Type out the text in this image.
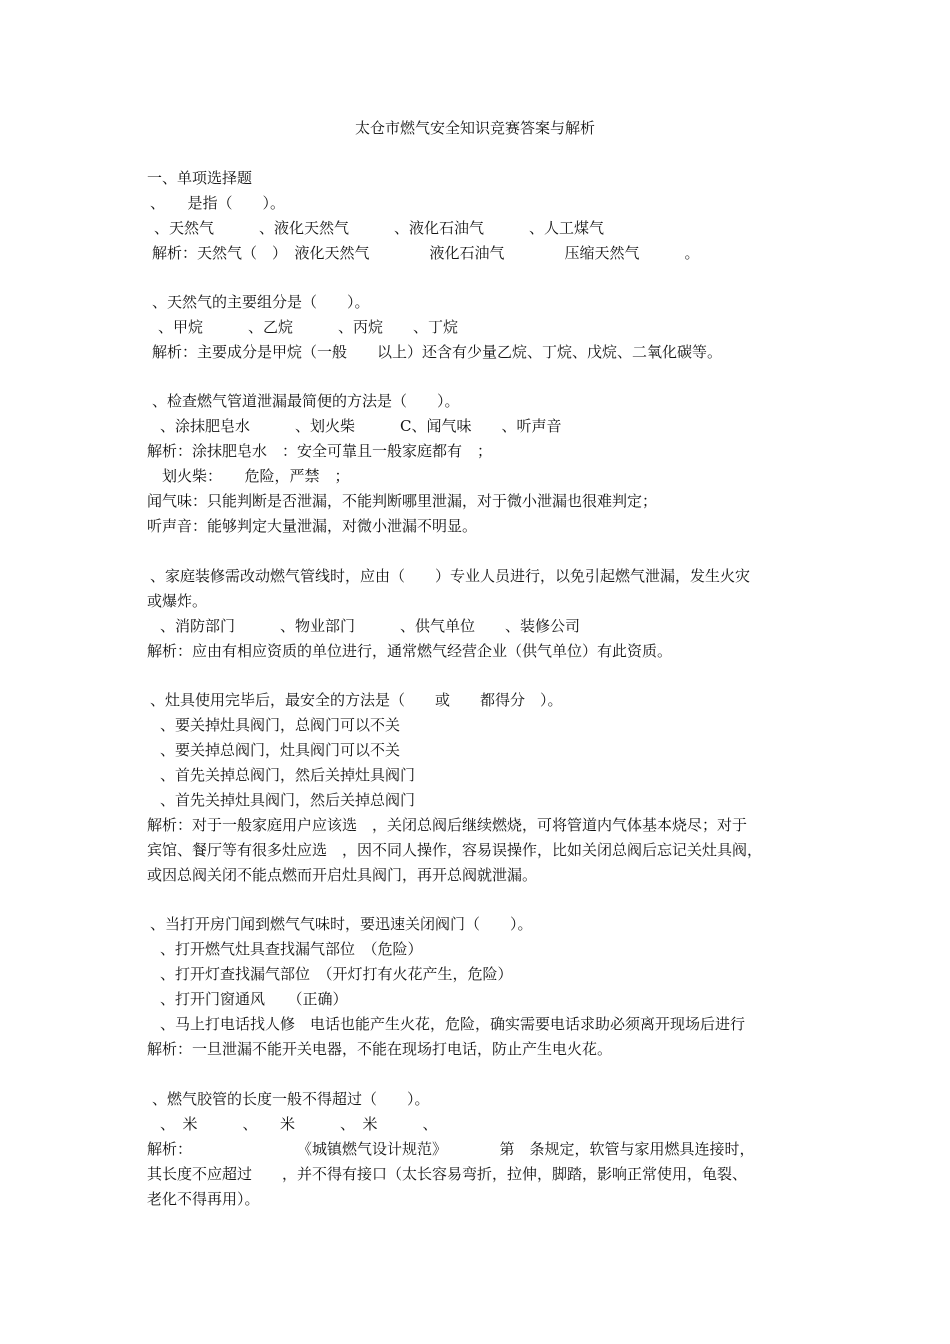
太仓市燃气安全知识竞赛答案与解析
一、单项选择题
、　　是指（　　）。
、天然气　　　、液化天然气　　　、液化石油气　　　、人工煤气
解析：天然气（　）　液化天然气　　　　液化石油气　　　　压缩天然气　　　。
、天然气的主要组分是（　　）。
、甲烷　　　、乙烷　　　、丙烷　　、丁烷
解析：主要成分是甲烷（一般　　以上）还含有少量乙烷、丁烷、戊烷、二氧化碳等。
、检查燃气管道泄漏最简便的方法是（　　）。
、涂抹肥皂水　　　、划火柴　　　C、闻气味　　、听声音
解析：涂抹肥皂水　：安全可靠且一般家庭都有　；
　划火柴：　　危险，严禁　；
闻气味：只能判断是否泄漏，不能判断哪里泄漏，对于微小泄漏也很难判定；
听声音：能够判定大量泄漏，对微小泄漏不明显。
、家庭装修需改动燃气管线时，应由（　　）专业人员进行，以免引起燃气泄漏，发生火灾
或爆炸。
、消防部门　　　、物业部门　　　、供气单位　　、装修公司
解析：应由有相应资质的单位进行，通常燃气经营企业（供气单位）有此资质。
、灶具使用完毕后，最安全的方法是（　　或　　都得分　）。
、要关掉灶具阀门，总阀门可以不关
、要关掉总阀门，灶具阀门可以不关
、首先关掉总阀门，然后关掉灶具阀门
、首先关掉灶具阀门，然后关掉总阀门
解析：对于一般家庭用户应该选　，关闭总阀后继续燃烧，可将管道内气体基本烧尽；对于
宾馆、餐厅等有很多灶应选　，因不同人操作，容易误操作，比如关闭总阀后忘记关灶具阀，
或因总阀关闭不能点燃而开启灶具阀门，再开总阀就泄漏。
、当打开房门闻到燃气气味时，要迅速关闭阀门（　　）。
、打开燃气灶具查找漏气部位　（危险）
、打开灯查找漏气部位　（开灯打有火花产生，危险）
、打开门窗通风　　（正确）
、马上打电话找人修　电话也能产生火花，危险，确实需要电话求助必须离开现场后进行
解析：一旦泄漏不能开关电器，不能在现场打电话，防止产生电火花。
、燃气胶管的长度一般不得超过（　　）。
、　米　　　、　　米　　　、　米　　　、
解析：　　　　　　　　《城镇燃气设计规范》　　　　第　条规定，软管与家用燃具连接时，
其长度不应超过　　，并不得有接口（太长容易弯折，拉伸，脚踏，影响正常使用，龟裂、
老化不得再用）。
